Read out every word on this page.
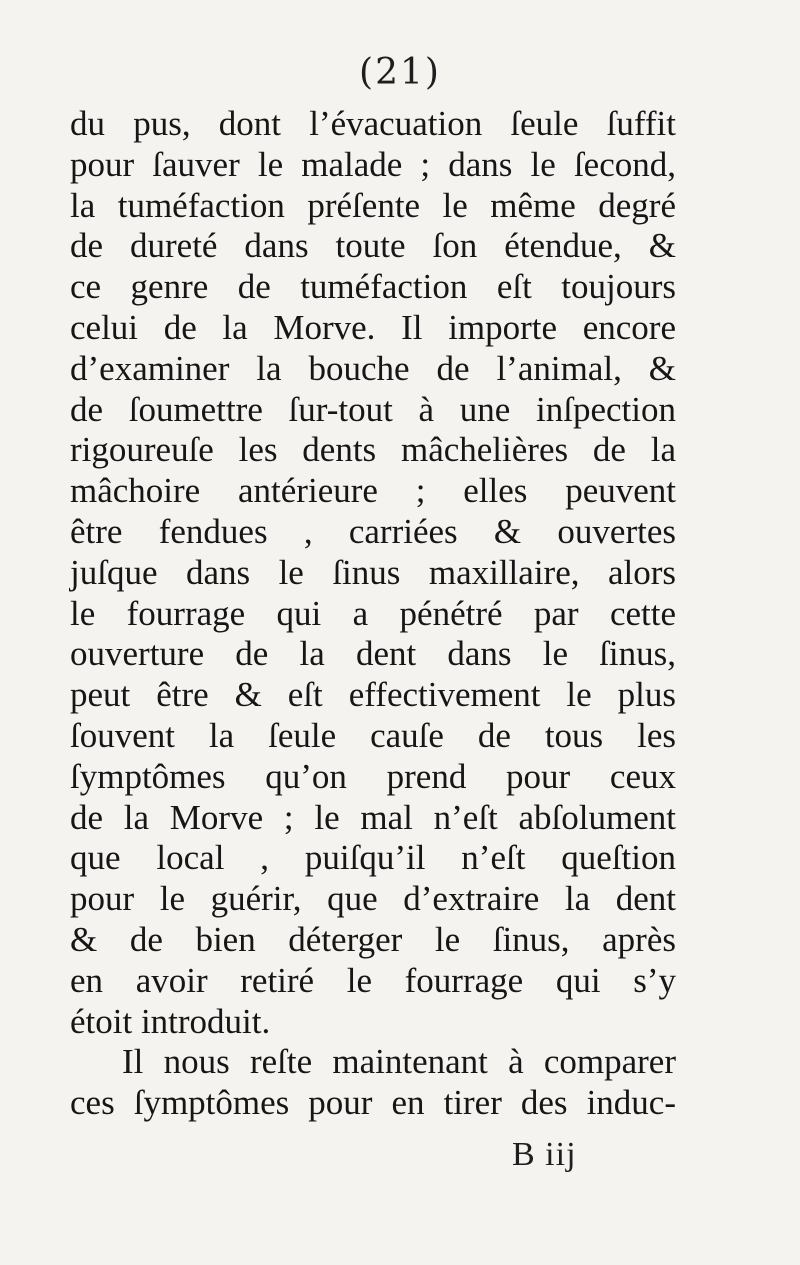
(21)
du pus, dont l’évacuation ſeule ſuffit
pour ſauver le malade ; dans le ſecond,
la tuméfaction préſente le même degré
de dureté dans toute ſon étendue, &
ce genre de tuméfaction eſt toujours
celui de la Morve. Il importe encore
d’examiner la bouche de l’animal, &
de ſoumettre ſur-tout à une inſpection
rigoureuſe les dents mâchelières de la
mâchoire antérieure ; elles peuvent
être fendues , carriées & ouvertes
juſque dans le ſinus maxillaire, alors
le fourrage qui a pénétré par cette
ouverture de la dent dans le ſinus,
peut être & eſt effectivement le plus
ſouvent la ſeule cauſe de tous les
ſymptômes qu’on prend pour ceux
de la Morve ; le mal n’eſt abſolument
que local , puiſqu’il n’eſt queſtion
pour le guérir, que d’extraire la dent
& de bien déterger le ſinus, après
en avoir retiré le fourrage qui s’y
étoit introduit.
Il nous reſte maintenant à comparer
ces ſymptômes pour en tirer des induc-
B iij
